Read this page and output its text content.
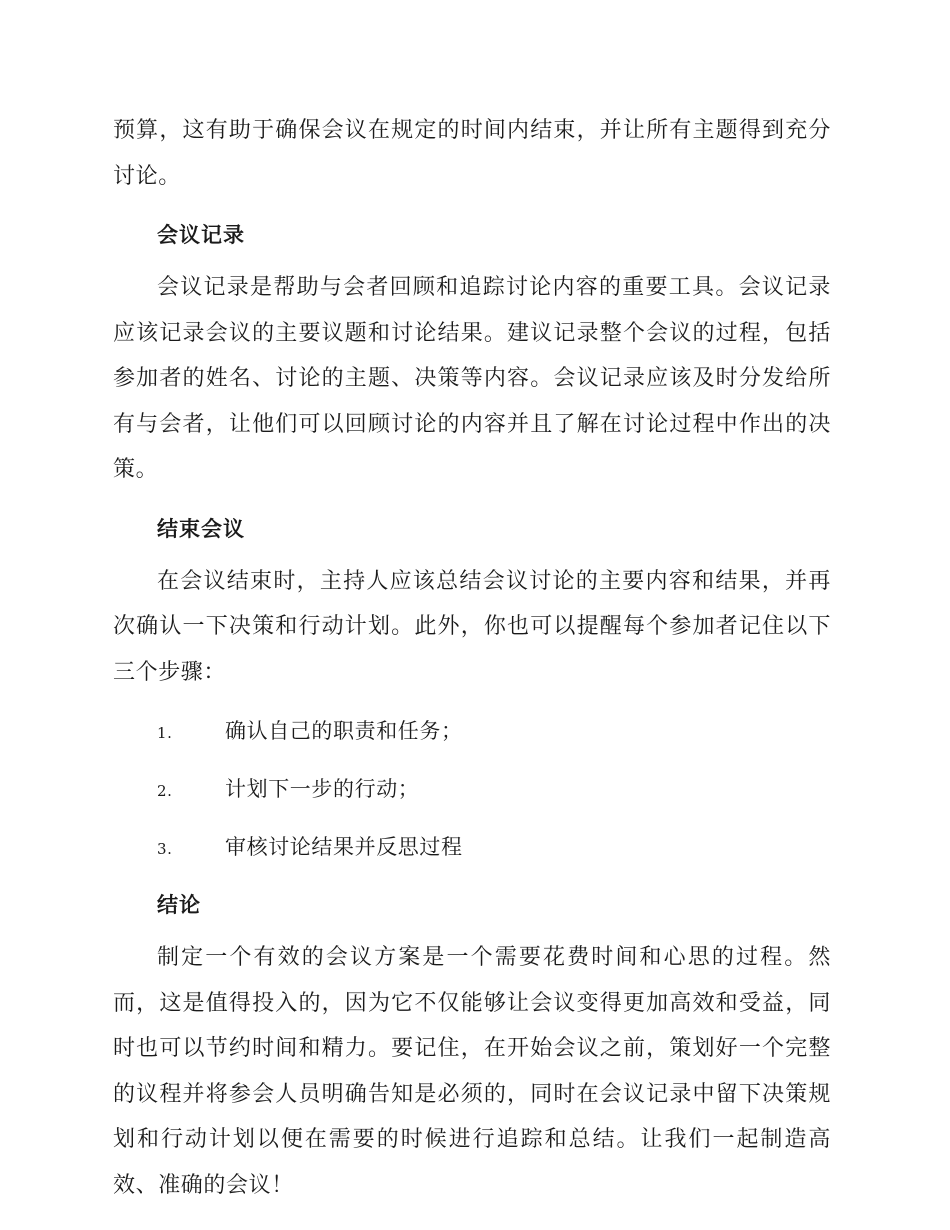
预算，这有助于确保会议在规定的时间内结束，并让所有主题得到充分讨论。

会议记录

会议记录是帮助与会者回顾和追踪讨论内容的重要工具。会议记录应该记录会议的主要议题和讨论结果。建议记录整个会议的过程，包括参加者的姓名、讨论的主题、决策等内容。会议记录应该及时分发给所有与会者，让他们可以回顾讨论的内容并且了解在讨论过程中作出的决策。

结束会议

在会议结束时，主持人应该总结会议讨论的主要内容和结果，并再次确认一下决策和行动计划。此外，你也可以提醒每个参加者记住以下三个步骤：

1.	确认自己的职责和任务；
2.	计划下一步的行动；
3.	审核讨论结果并反思过程
结论

制定一个有效的会议方案是一个需要花费时间和心思的过程。然而，这是值得投入的，因为它不仅能够让会议变得更加高效和受益，同时也可以节约时间和精力。要记住，在开始会议之前，策划好一个完整的议程并将参会人员明确告知是必须的，同时在会议记录中留下决策规划和行动计划以便在需要的时候进行追踪和总结。让我们一起制造高效、准确的会议！
